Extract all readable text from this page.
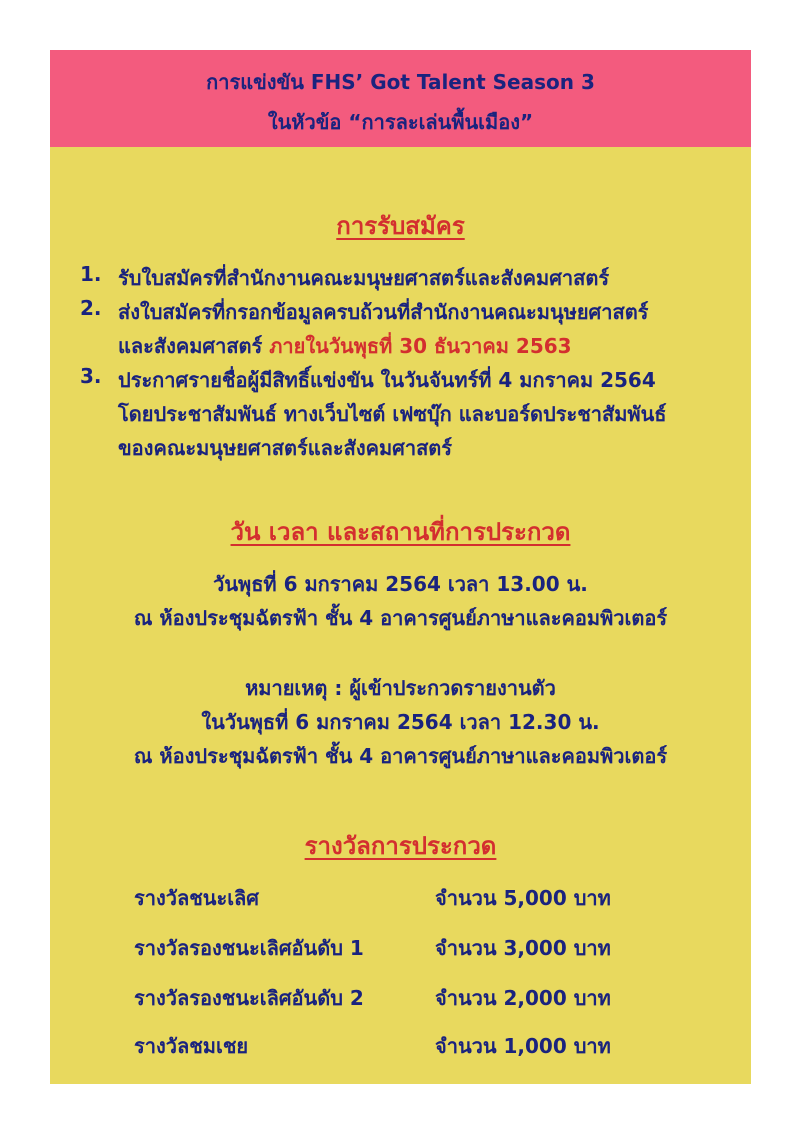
การแข่งขัน FHS’ Got Talent Season 3
ในหัวข้อ “การละเล่นพื้นเมือง”
การรับสมัคร
1. รับใบสมัครที่สำนักงานคณะมนุษยศาสตร์และสังคมศาสตร์
2. ส่งใบสมัครที่กรอกข้อมูลครบถ้วนที่สำนักงานคณะมนุษยศาสตร์
และสังคมศาสตร์ ภายในวันพุธที่ 30 ธันวาคม 2563
3. ประกาศรายชื่อผู้มีสิทธิ์แข่งขัน ในวันจันทร์ที่ 4 มกราคม 2564
โดยประชาสัมพันธ์ ทางเว็บไซต์ เฟซบุ๊ก และบอร์ดประชาสัมพันธ์
ของคณะมนุษยศาสตร์และสังคมศาสตร์
วัน เวลา และสถานที่การประกวด
วันพุธที่ 6 มกราคม 2564 เวลา 13.00 น.
ณ ห้องประชุมฉัตรฟ้า ชั้น 4 อาคารศูนย์ภาษาและคอมพิวเตอร์
หมายเหตุ : ผู้เข้าประกวดรายงานตัว
ในวันพุธที่ 6 มกราคม 2564 เวลา 12.30 น.
ณ ห้องประชุมฉัตรฟ้า ชั้น 4 อาคารศูนย์ภาษาและคอมพิวเตอร์
รางวัลการประกวด
รางวัลชนะเลิศ	จำนวน 5,000 บาท
รางวัลรองชนะเลิศอันดับ 1	จำนวน 3,000 บาท
รางวัลรองชนะเลิศอันดับ 2	จำนวน 2,000 บาท
รางวัลชมเชย	จำนวน 1,000 บาท
